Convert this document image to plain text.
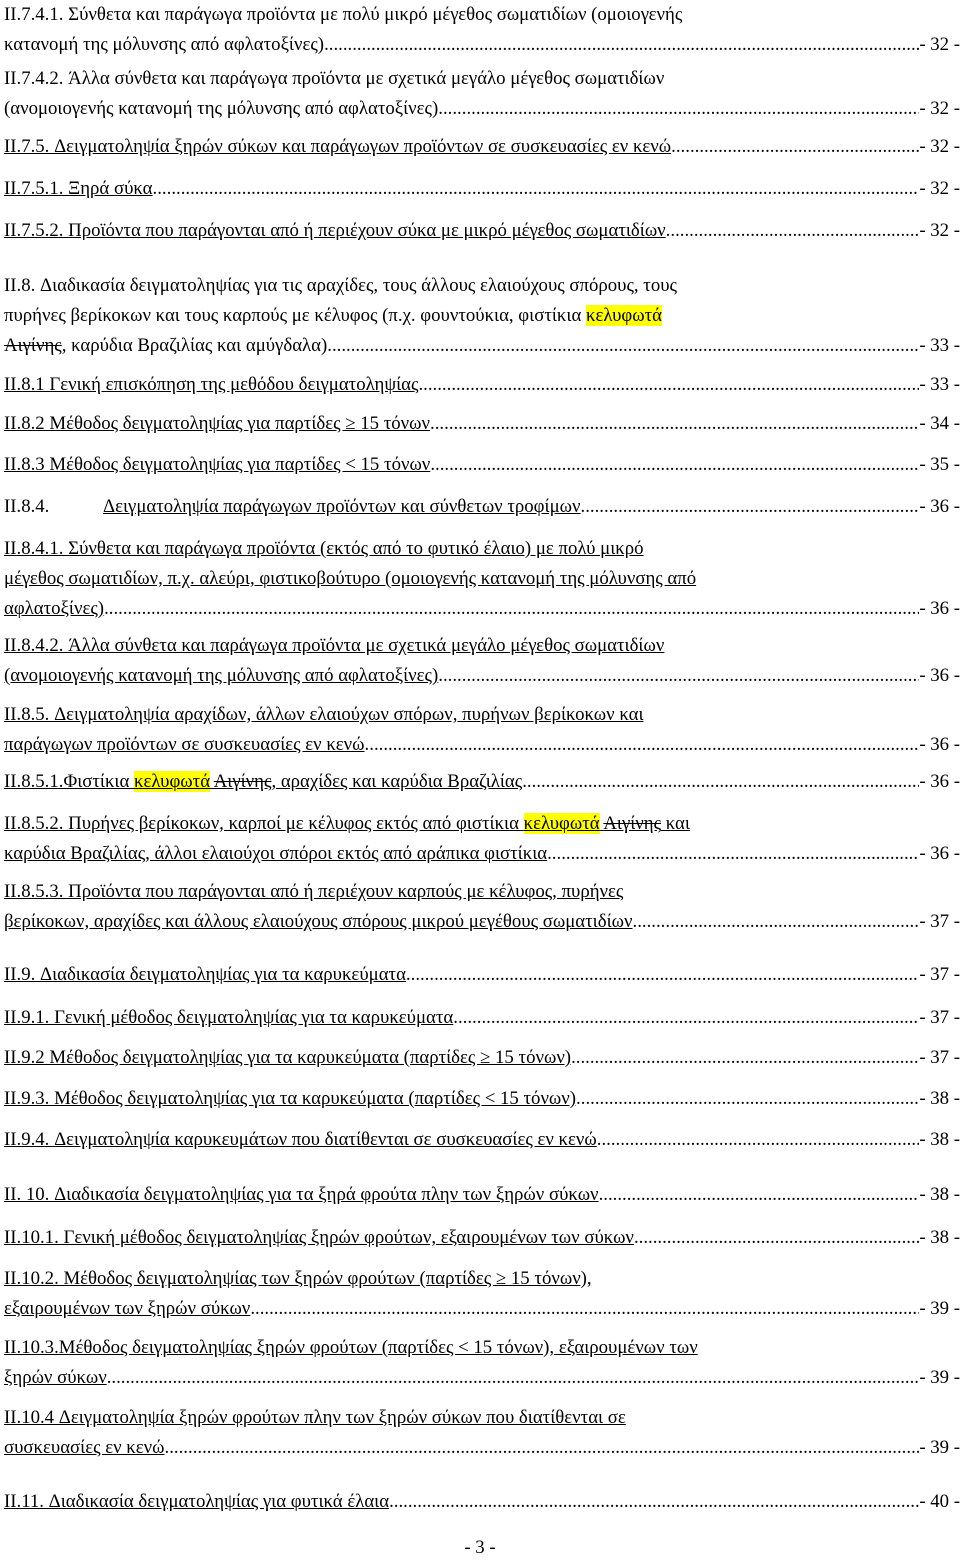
II.7.4.1. Σύνθετα και παράγωγα προϊόντα με πολύ μικρό μέγεθος σωματιδίων (ομοιογενής
κατανομή της μόλυνσης από αφλατοξίνες) .....	- 32 -
II.7.4.2. Άλλα σύνθετα και παράγωγα προϊόντα με σχετικά μεγάλο μέγεθος σωματιδίων
(ανομοιογενής κατανομή της μόλυνσης από αφλατοξίνες) .....	- 32 -
II.7.5. Δειγματοληψία ξηρών σύκων και παράγωγων προϊόντων σε συσκευασίες εν κενώ .....	- 32 -
II.7.5.1. Ξηρά σύκα .....	- 32 -
II.7.5.2. Προϊόντα που παράγονται από ή περιέχουν σύκα με μικρό μέγεθος σωματιδίων .....	- 32 -
II.8. Διαδικασία δειγματοληψίας για τις αραχίδες, τους άλλους ελαιούχους σπόρους, τους
πυρήνες βερίκοκων και τους καρπούς με κέλυφος (π.χ. φουντούκια, φιστίκια κελυφωτά
Αιγίνης, καρύδια Βραζιλίας και αμύγδαλα) .....	- 33 -
II.8.1 Γενική επισκόπηση της μεθόδου δειγματοληψίας .....	- 33 -
II.8.2 Μέθοδος δειγματοληψίας για παρτίδες ≥ 15 τόνων .....	- 34 -
II.8.3 Μέθοδος δειγματοληψίας για παρτίδες < 15 τόνων .....	- 35 -
II.8.4.	Δειγματοληψία παράγωγων προϊόντων και σύνθετων τροφίμων .....	- 36 -
II.8.4.1. Σύνθετα και παράγωγα προϊόντα (εκτός από το φυτικό έλαιο) με πολύ μικρό
μέγεθος σωματιδίων, π.χ. αλεύρι, φιστικοβούτυρο (ομοιογενής κατανομή της μόλυνσης από
αφλατοξίνες) .....	- 36 -
II.8.4.2. Άλλα σύνθετα και παράγωγα προϊόντα με σχετικά μεγάλο μέγεθος σωματιδίων
(ανομοιογενής κατανομή της μόλυνσης από αφλατοξίνες) .....	- 36 -
II.8.5. Δειγματοληψία αραχίδων, άλλων ελαιούχων σπόρων, πυρήνων βερίκοκων και
παράγωγων προϊόντων σε συσκευασίες εν κενώ .....	- 36 -
II.8.5.1.Φιστίκια κελυφωτά Αιγίνης, αραχίδες και καρύδια Βραζιλίας .....	- 36 -
II.8.5.2. Πυρήνες βερίκοκων, καρποί με κέλυφος εκτός από φιστίκια κελυφωτά Αιγίνης και
καρύδια Βραζιλίας, άλλοι ελαιούχοι σπόροι εκτός από αράπικα φιστίκια .....	- 36 -
II.8.5.3. Προϊόντα που παράγονται από ή περιέχουν καρπούς με κέλυφος, πυρήνες
βερίκοκων, αραχίδες και άλλους ελαιούχους σπόρους μικρού μεγέθους σωματιδίων .....	- 37 -
II.9. Διαδικασία δειγματοληψίας για τα καρυκεύματα .....	- 37 -
II.9.1. Γενική μέθοδος δειγματοληψίας για τα καρυκεύματα .....	- 37 -
II.9.2 Μέθοδος δειγματοληψίας για τα καρυκεύματα (παρτίδες ≥ 15 τόνων) .....	- 37 -
II.9.3. Μέθοδος δειγματοληψίας για τα καρυκεύματα (παρτίδες < 15 τόνων) .....	- 38 -
II.9.4. Δειγματοληψία καρυκευμάτων που διατίθενται σε συσκευασίες εν κενώ .....	- 38 -
II. 10. Διαδικασία δειγματοληψίας για τα ξηρά φρούτα πλην των ξηρών σύκων .....	- 38 -
II.10.1. Γενική μέθοδος δειγματοληψίας ξηρών φρούτων, εξαιρουμένων των σύκων .....	- 38 -
II.10.2. Μέθοδος δειγματοληψίας των ξηρών φρούτων (παρτίδες ≥ 15 τόνων),
εξαιρουμένων των ξηρών σύκων .....	- 39 -
II.10.3.Μέθοδος δειγματοληψίας ξηρών φρούτων (παρτίδες < 15 τόνων), εξαιρουμένων των
ξηρών σύκων .....	- 39 -
II.10.4 Δειγματοληψία ξηρών φρούτων πλην των ξηρών σύκων που διατίθενται σε
συσκευασίες εν κενώ .....	- 39 -
II.11. Διαδικασία δειγματοληψίας για φυτικά έλαια .....	- 40 -
- 3 -
